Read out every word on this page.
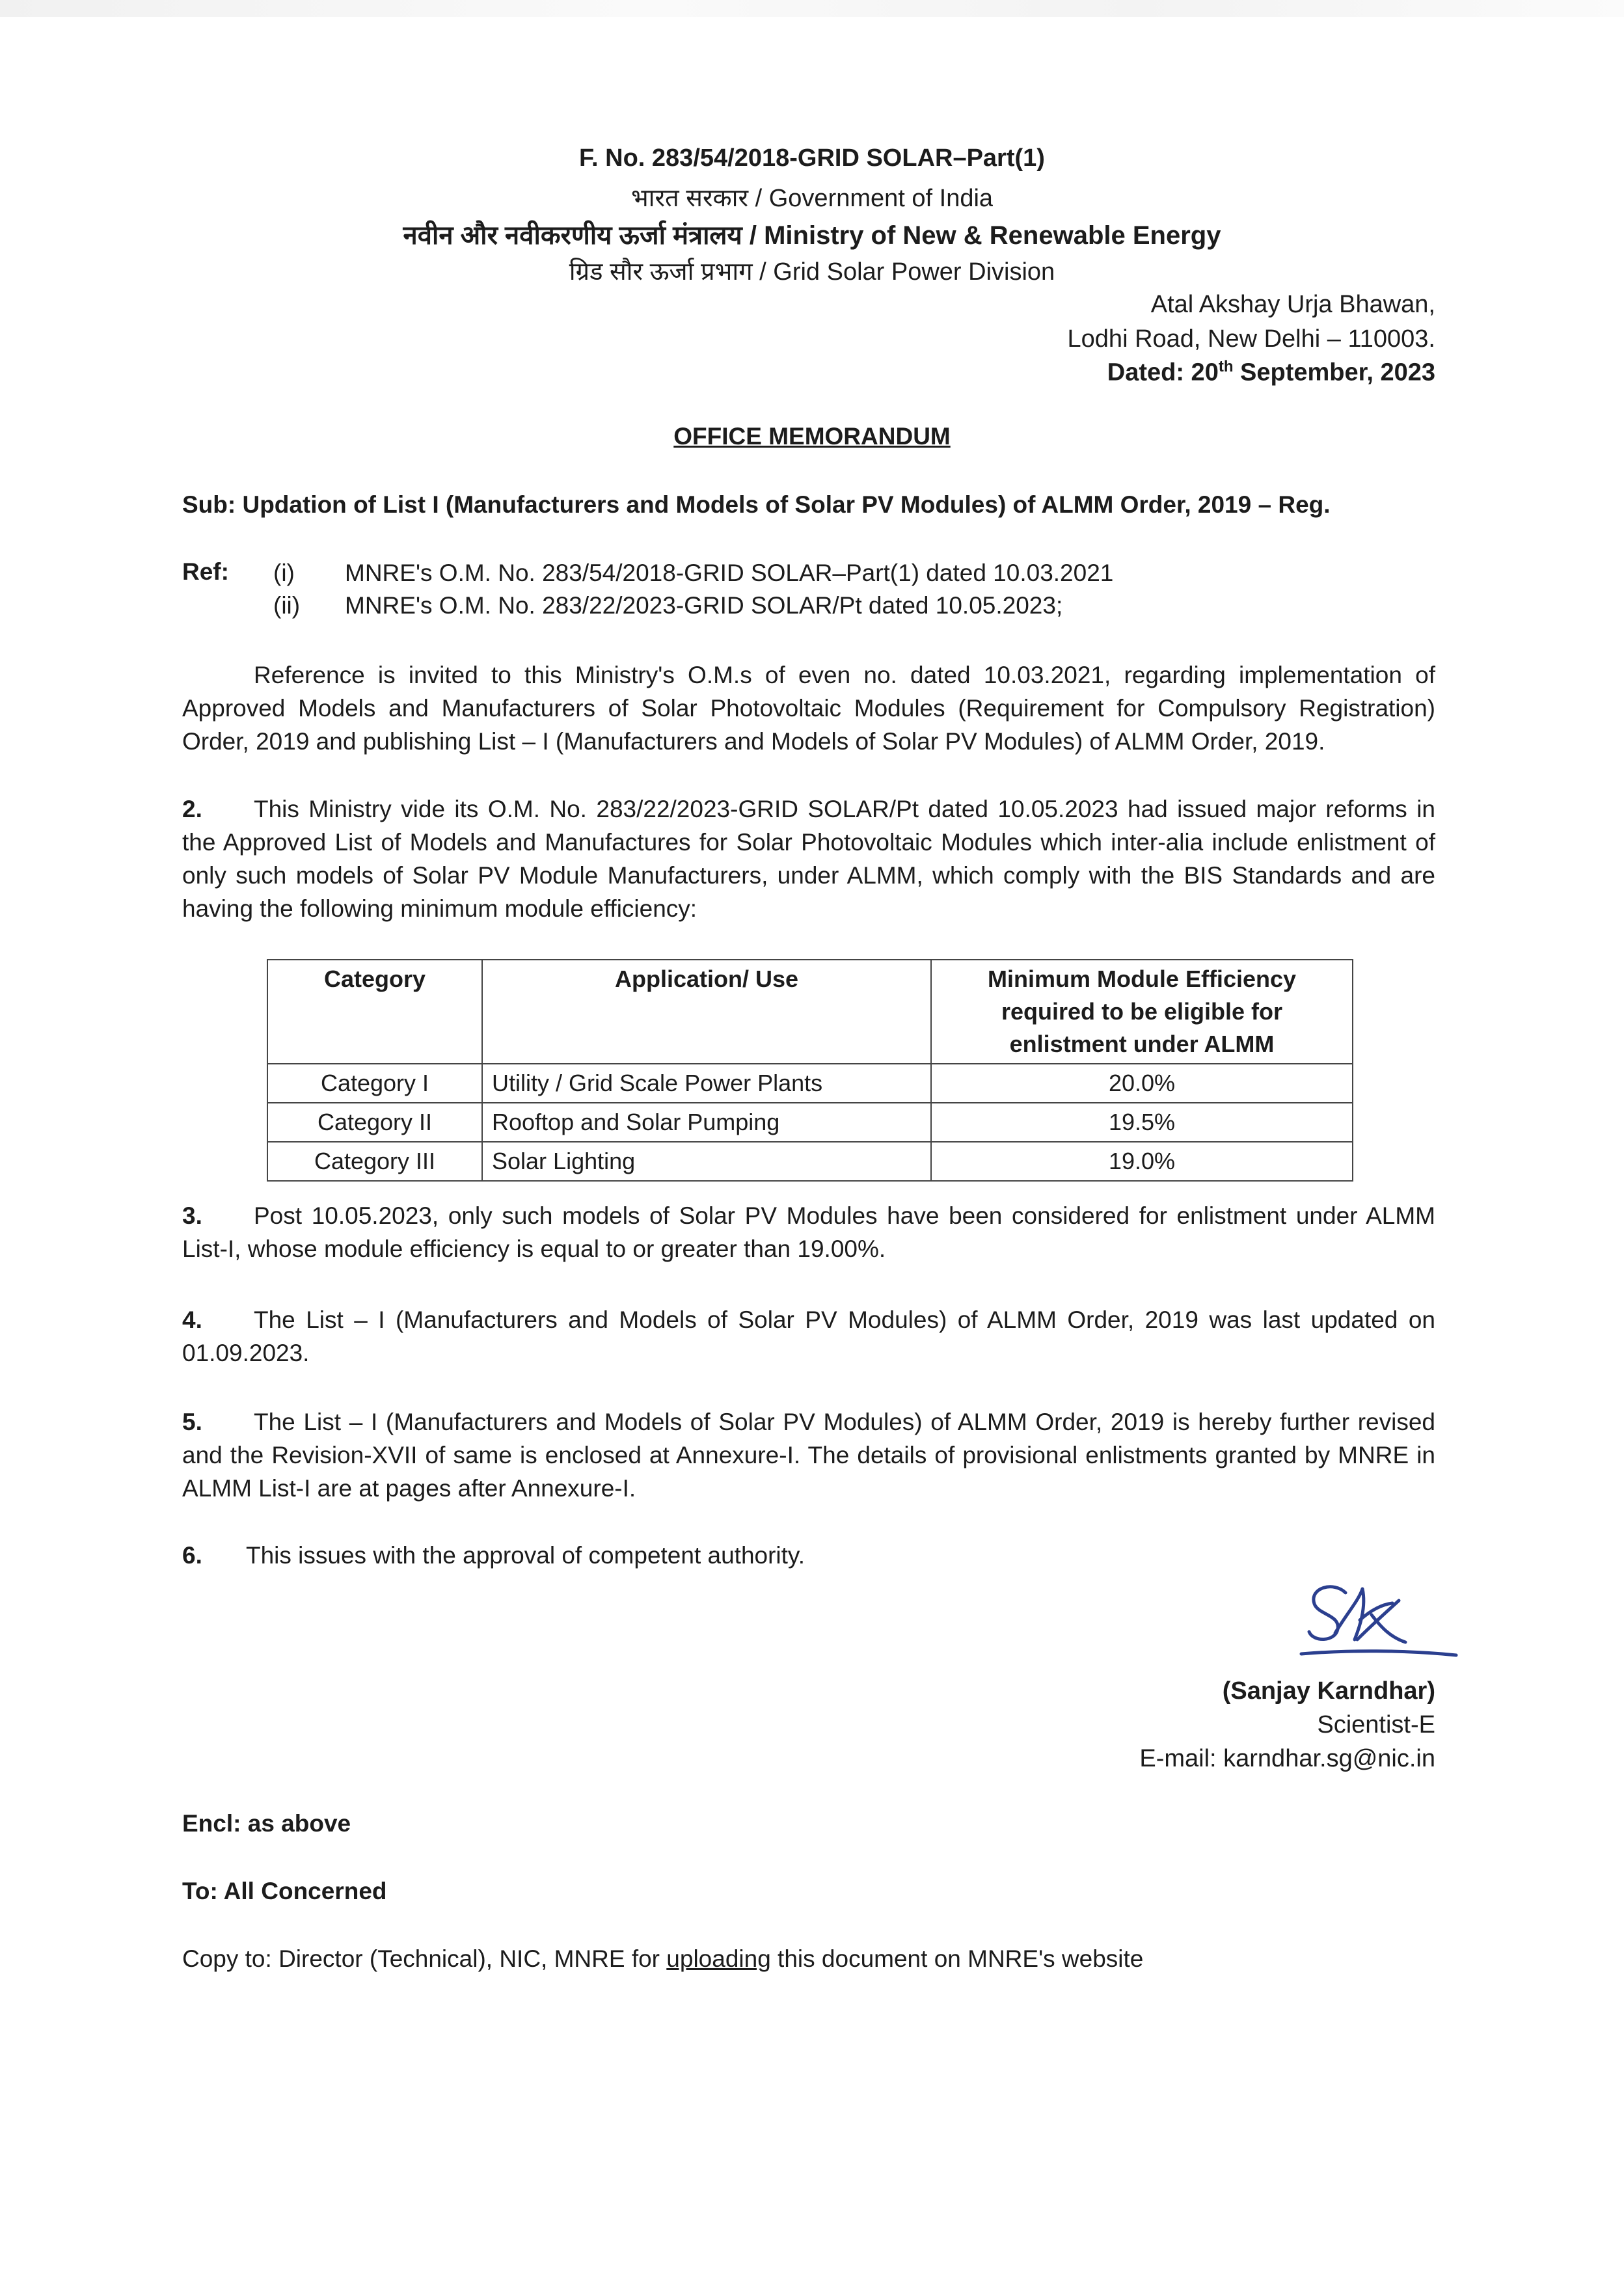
F. No. 283/54/2018-GRID SOLAR–Part(1)
भारत सरकार / Government of India
नवीन और नवीकरणीय ऊर्जा मंत्रालय / Ministry of New & Renewable Energy
ग्रिड सौर ऊर्जा प्रभाग / Grid Solar Power Division
Atal Akshay Urja Bhawan,
Lodhi Road, New Delhi – 110003.
Dated: 20th September, 2023
OFFICE MEMORANDUM
Sub: Updation of List I (Manufacturers and Models of Solar PV Modules) of ALMM Order, 2019 – Reg.
Ref: (i) MNRE's O.M. No. 283/54/2018-GRID SOLAR–Part(1) dated 10.03.2021
(ii) MNRE's O.M. No. 283/22/2023-GRID SOLAR/Pt dated 10.05.2023;
Reference is invited to this Ministry's O.M.s of even no. dated 10.03.2021, regarding implementation of Approved Models and Manufacturers of Solar Photovoltaic Modules (Requirement for Compulsory Registration) Order, 2019 and publishing List – I (Manufacturers and Models of Solar PV Modules) of ALMM Order, 2019.
2. This Ministry vide its O.M. No. 283/22/2023-GRID SOLAR/Pt dated 10.05.2023 had issued major reforms in the Approved List of Models and Manufactures for Solar Photovoltaic Modules which inter-alia include enlistment of only such models of Solar PV Module Manufacturers, under ALMM, which comply with the BIS Standards and are having the following minimum module efficiency:
Category	Application/ Use	Minimum Module Efficiency required to be eligible for enlistment under ALMM
Category I	Utility / Grid Scale Power Plants	20.0%
Category II	Rooftop and Solar Pumping	19.5%
Category III	Solar Lighting	19.0%
3. Post 10.05.2023, only such models of Solar PV Modules have been considered for enlistment under ALMM List-I, whose module efficiency is equal to or greater than 19.00%.
4. The List – I (Manufacturers and Models of Solar PV Modules) of ALMM Order, 2019 was last updated on 01.09.2023.
5. The List – I (Manufacturers and Models of Solar PV Modules) of ALMM Order, 2019 is hereby further revised and the Revision-XVII of same is enclosed at Annexure-I. The details of provisional enlistments granted by MNRE in ALMM List-I are at pages after Annexure-I.
6. This issues with the approval of competent authority.
(Sanjay Karndhar)
Scientist-E
E-mail: karndhar.sg@nic.in
Encl: as above
To: All Concerned
Copy to: Director (Technical), NIC, MNRE for uploading this document on MNRE's website
